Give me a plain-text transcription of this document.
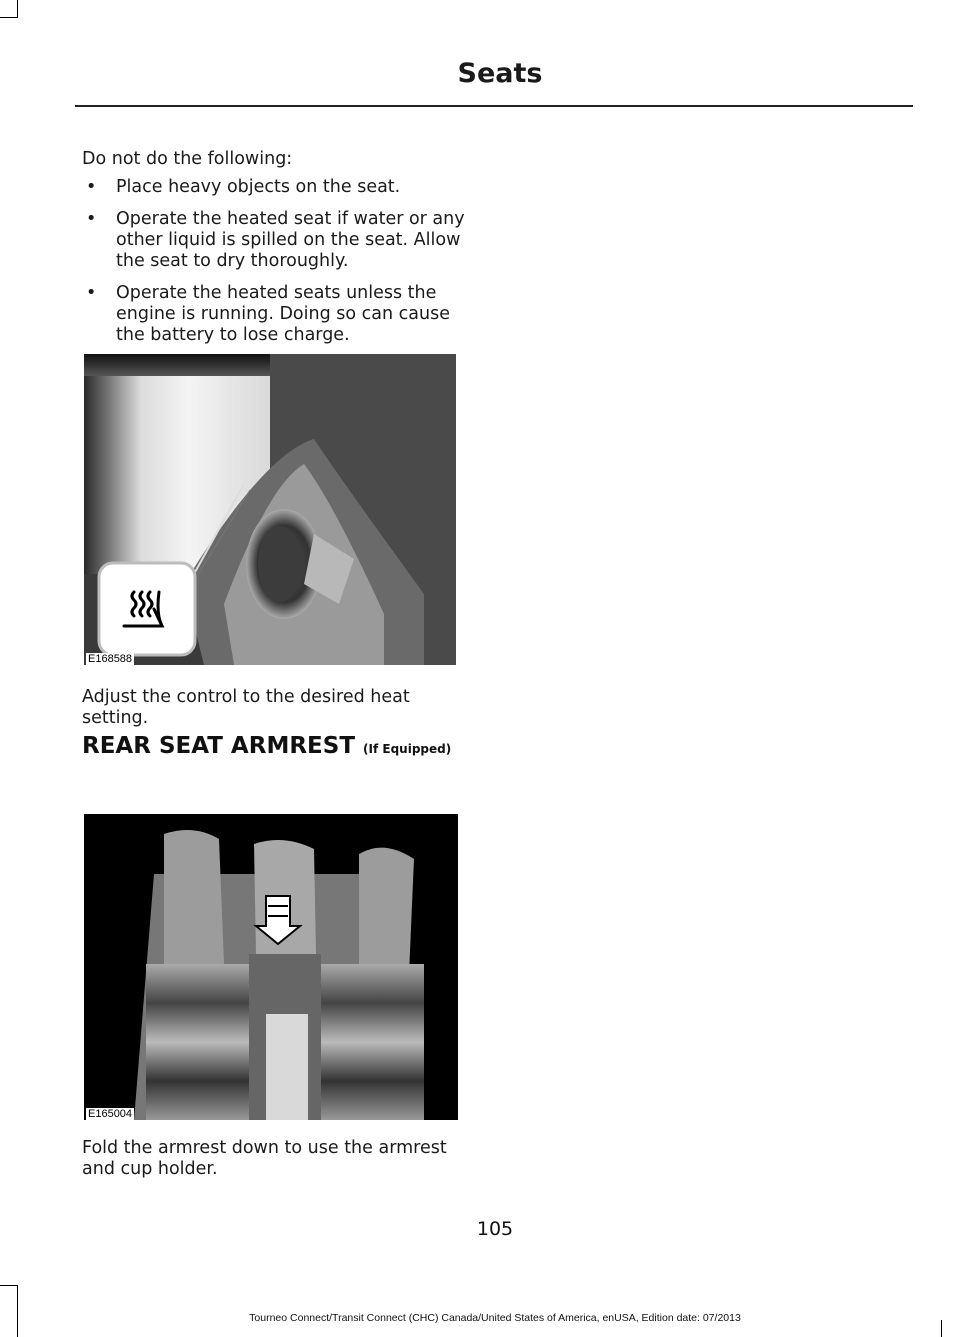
Seats
Do not do the following:
• Place heavy objects on the seat.
• Operate the heated seat if water or any other liquid is spilled on the seat. Allow the seat to dry thoroughly.
• Operate the heated seats unless the engine is running. Doing so can cause the battery to lose charge.
E168588
Adjust the control to the desired heat setting.
REAR SEAT ARMREST (If Equipped)
E165004
Fold the armrest down to use the armrest and cup holder.
105
Tourneo Connect/Transit Connect (CHC) Canada/United States of America, enUSA, Edition date: 07/2013
